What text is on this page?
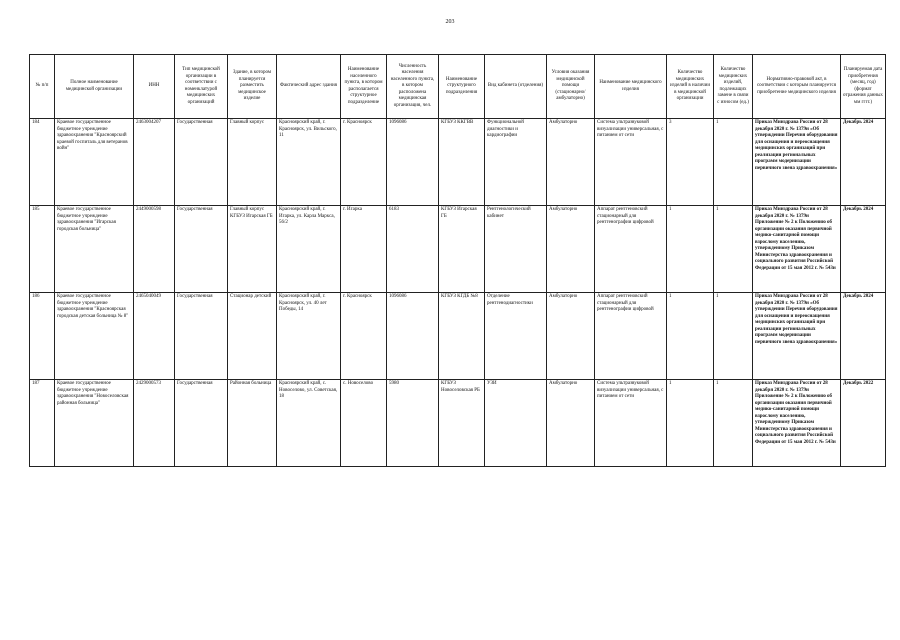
203
№ п/п	Полное наименование медицинской организации	ИНН	Тип медицинской организации в соответствии с номенклатурой медицинских организаций	Здание, в котором планируется разместить медицинское изделие	Фактический адрес здания	Наименование населенного пункта, в котором располагается структурное подразделение	Численность населения населенного пункта, в котором расположена медицинская организация, чел.	Наименование структурного подразделения	Вид кабинета (отделения)	Условия оказания медицинской помощи (стационарно/амбулаторно)	Наименование медицинского изделия	Количество медицинских изделий в наличии в медицинской организации	Количество медицинских изделий, подлежащих замене в связи с износом (ед.)	Нормативно-правовой акт, в соответствии с которым планируется приобретение медицинского изделия	Планируемая дата приобретения (месяц, год) (формат отражения данных мм гггг.)
184	Краевое государственное бюджетное учреждение здравоохранения "Красноярский краевой госпиталь для ветеранов войн"	2463004207	Государственная	Главный корпус	Красноярский край, г. Красноярск, ул. Вильского, 11	г. Красноярск	1096086	КГБУЗ ККГВВ	Функциональной диагностики и кардиографии	Амбулаторно	Система ультразвуковой визуализации универсальная, с питанием от сети	3	1	Приказ Минздрава России от 28 декабря 2020 г. № 1379н «Об утверждении Перечня оборудования для оснащения и переоснащения медицинских организаций при реализации региональных программ модернизации первичного звена здравоохранения»	Декабрь 2024
185	Краевое государственное бюджетное учреждение здравоохранения "Игарская городская больница"	2449000598	Государственная	Главный корпус КГБУЗ Игарская ГБ	Красноярский край, г. Игарка, ул. Карла Маркса, 56/2	г. Игарка	6183	КГБУЗ Игарская ГБ	Рентгенологический кабинет	Амбулаторно	Аппарат рентгеновский стационарный для рентгенографии цифровой	1	1	Приказ Минздрава России от 28 декабря 2020 г. № 1379н Приложение № 2 к Положению об организации оказания первичной медико-санитарной помощи взрослому населению, утвержденному Приказом Министерства здравоохранения и социального развития Российской Федерации от 15 мая 2012 г. № 543н	Декабрь 2024
186	Краевое государственное бюджетное учреждение здравоохранения "Красноярская городская детская больница № 8"	2465040049	Государственная	Стационар детский	Красноярский край, г. Красноярск, ул. 40 лет Победы, 14	г. Красноярск	1096086	КГБУЗ КГДБ №8	Отделение рентгенодиагностики	Амбулаторно	Аппарат рентгеновский стационарный для рентгенографии цифровой	1	1	Приказ Минздрава России от 28 декабря 2020 г. № 1379н «Об утверждении Перечня оборудования для оснащения и переоснащения медицинских организаций при реализации региональных программ модернизации первичного звена здравоохранения»	Декабрь 2024
187	Краевое государственное бюджетное учреждение здравоохранения "Новоселовская районная больница"	2429000573	Государственная	Районная больница	Красноярский край, с. Новоселово, ул. Советская, 18	с. Новоселово	5980	КГБУЗ Новоселовская РБ	УЗИ	Амбулаторно	Система ультразвуковой визуализации универсальная, с питанием от сети	1	1	Приказ Минздрава России от 28 декабря 2020 г. № 1379н Приложение № 2 к Положению об организации оказания первичной медико-санитарной помощи взрослому населению, утвержденному Приказом Министерства здравоохранения и социального развития Российской Федерации от 15 мая 2012 г. № 543н	Декабрь 2022
